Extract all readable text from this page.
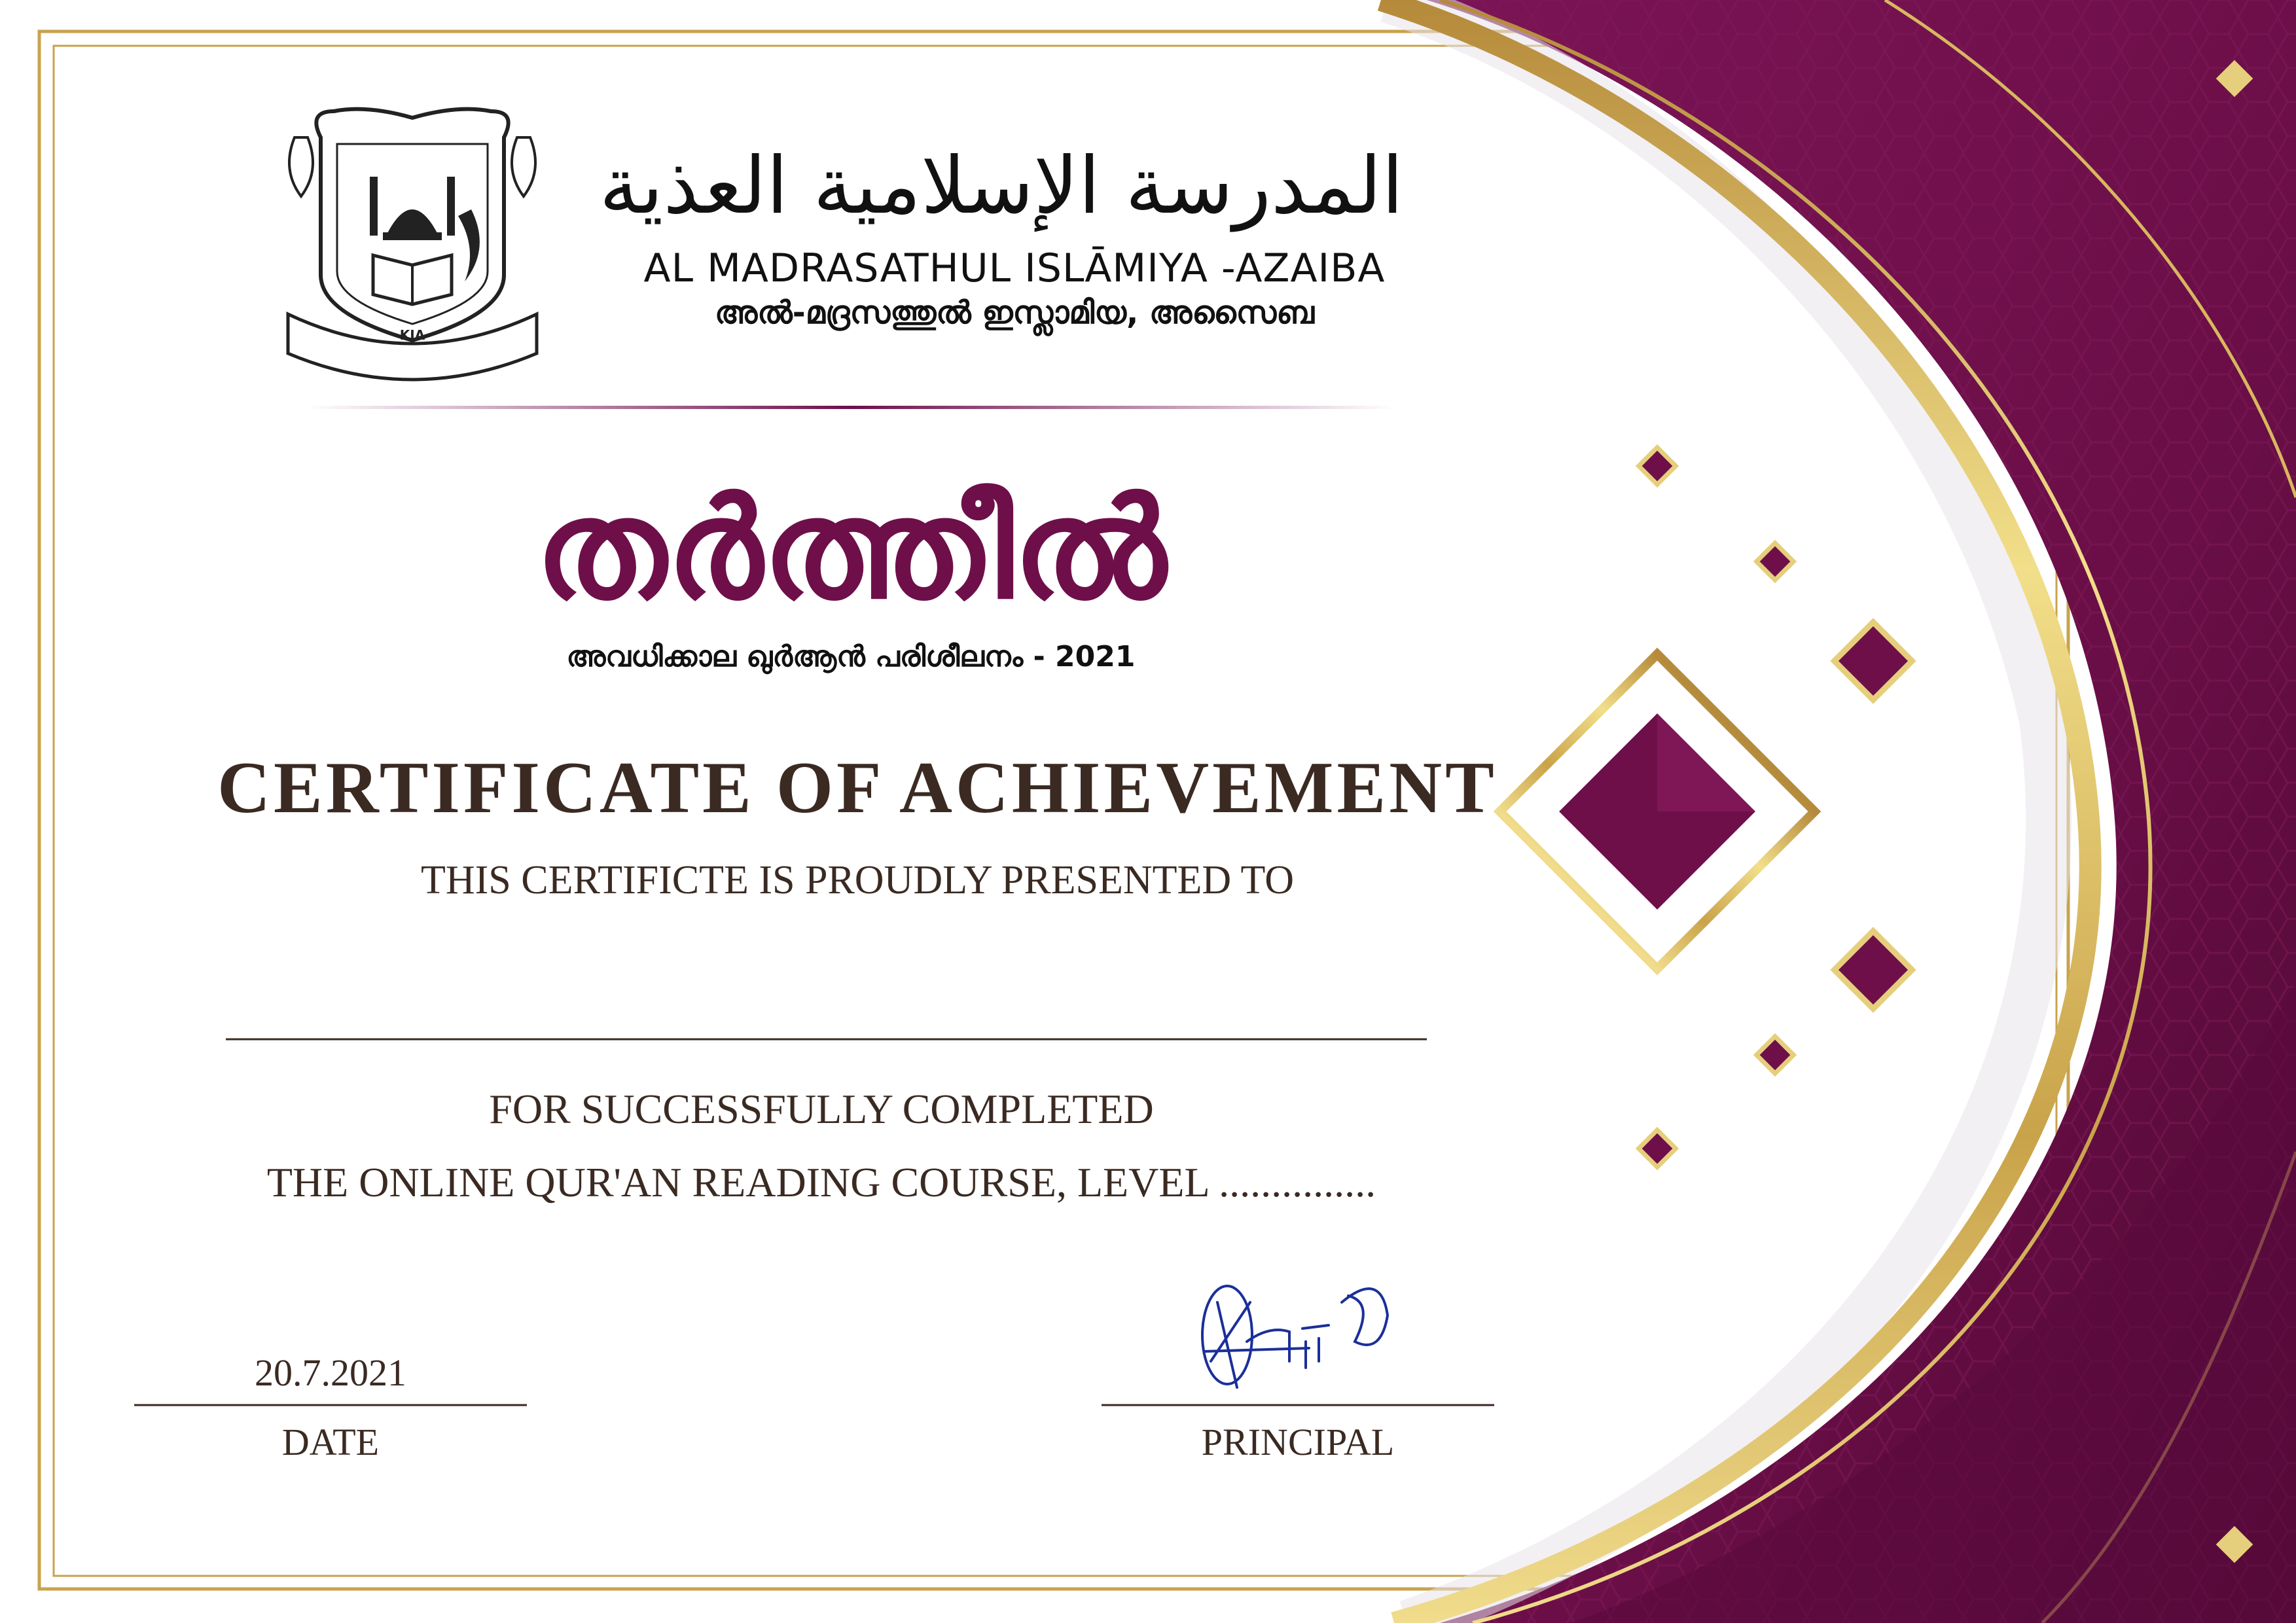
KIA
المدرسة الإسلامية العذية
AL MADRASATHUL ISLĀMIYA -AZAIBA
അൽ-മദ്രസത്തുൽ ഇസ്ലാമിയ, അസൈബ
തർത്തീൽ
അവധിക്കാല ഖുർആൻ പരിശീലനം - 2021
CERTIFICATE OF ACHIEVEMENT
THIS CERTIFICTE IS PROUDLY PRESENTED TO
FOR SUCCESSFULLY COMPLETED
THE ONLINE QUR'AN READING COURSE, LEVEL ...............
20.7.2021
DATE	PRINCIPAL
